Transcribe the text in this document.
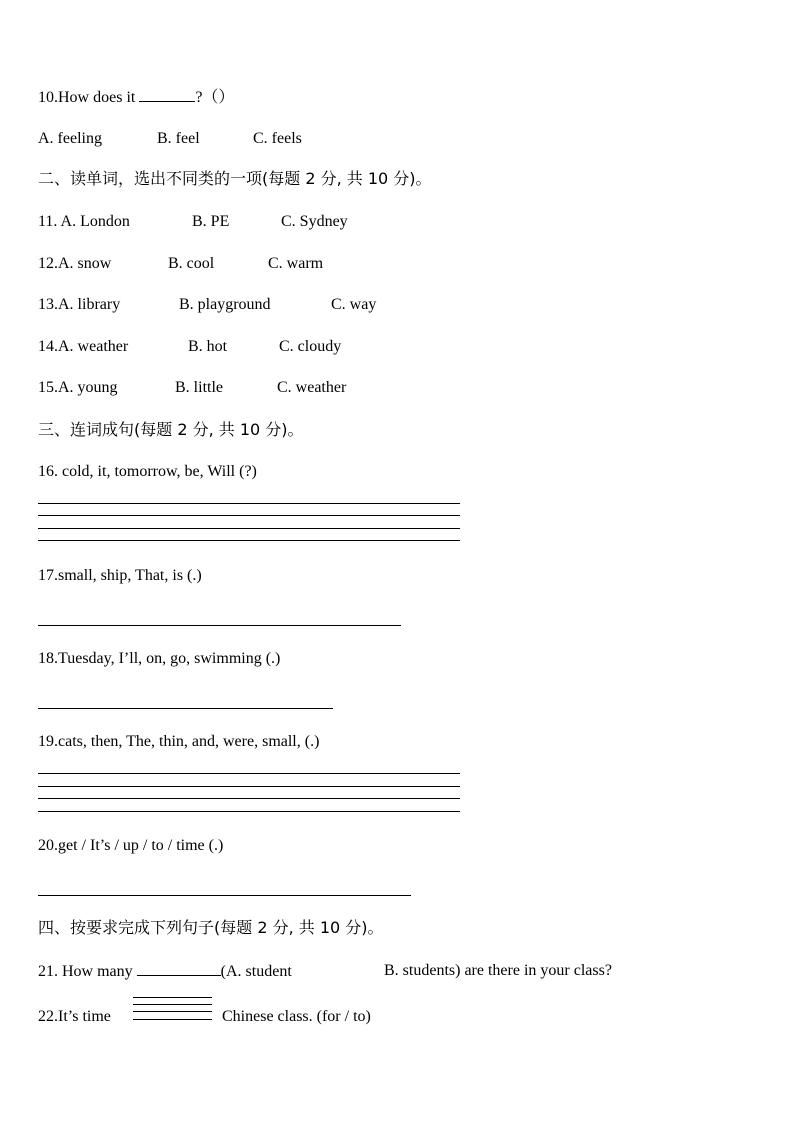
10.How does it	?（）
A. feeling	B. feel	C. feels
二、读单词，选出不同类的一项(每题 2 分, 共 10 分)。
11. A. London	B. PE	C. Sydney
12.A. snow	B. cool	C. warm
13.A. library	B. playground	C. way
14.A. weather	B. hot	C. cloudy
15.A. young	B. little	C. weather
三、连词成句(每题 2 分, 共 10 分)。
16. cold, it, tomorrow, be, Will (?)
17.small, ship, That, is (.)
18.Tuesday, I’ll, on, go, swimming (.)
19.cats, then, The, thin, and, were, small, (.)
20.get / It’s / up / to / time (.)
四、按要求完成下列句子(每题 2 分, 共 10 分)。
21. How many	(A. student	B. students) are there in your class?
22.It’s time	Chinese class. (for / to)
